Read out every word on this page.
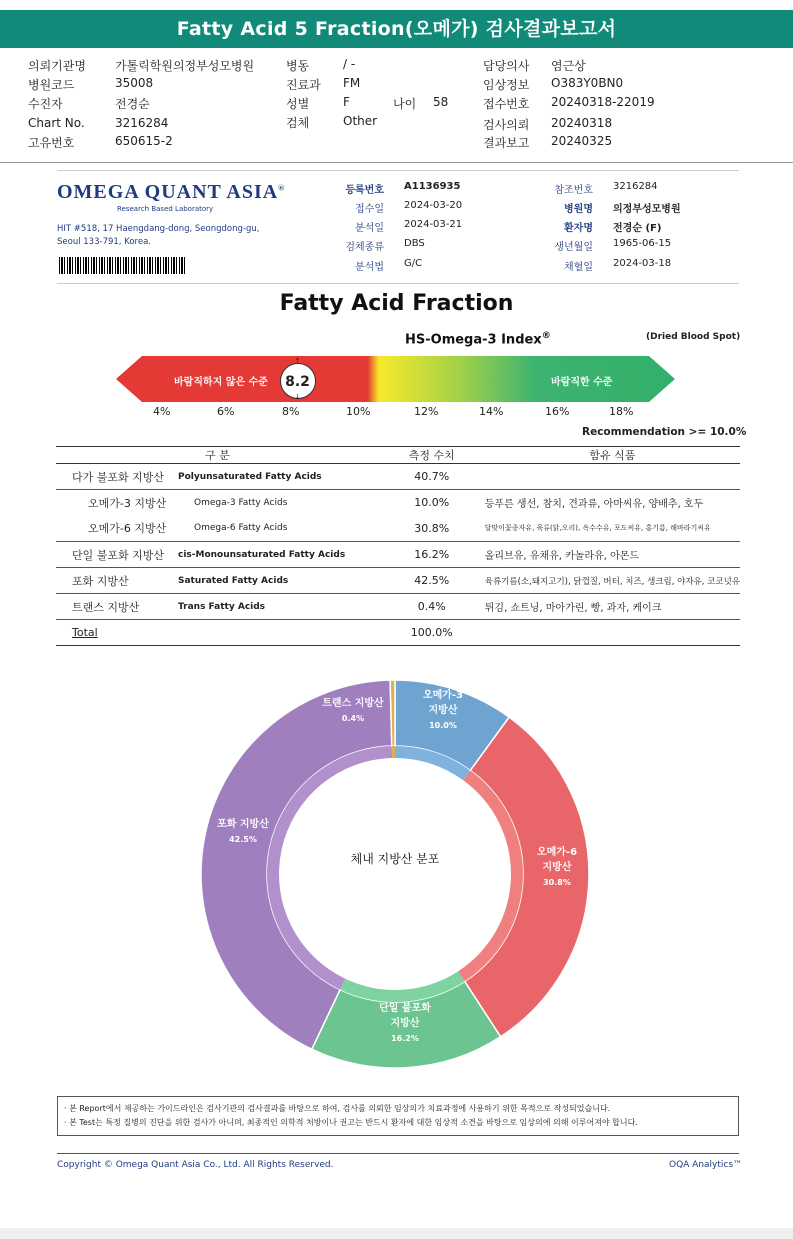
Fatty Acid 5 Fraction(오메가) 검사결과보고서
의뢰기관명 가톨릭학원의정부성모병원
병원코드	35008
수진자	전경순
Chart No.	3216284
고유번호	650615-2
병동	/ -
진료과 FM
성별	F
검체	Other
나이 58
담당의사 염근상
임상정보 O383Y0BN0
접수번호 20240318-22019
검사의뢰 20240318
결과보고 20240325
OMEGA QUANT ASIA®
Research Based Laboratory
HIT #518, 17 Haengdang-dong, Seongdong-gu,
Seoul 133-791, Korea.
등록번호 A1136935
접수일 2024-03-20
분석일 2024-03-21
검체종류 DBS
분석법 G/C
참조번호 3216284
병원명 의정부성모병원
환자명 전경순 (F)
생년월일 1965-06-15
채혈일 2024-03-18
Fatty Acid Fraction
HS-Omega-3 Index®	(Dried Blood Spot)
바람직하지 않은 수준	바람직한 수준
8.2
↑
↓
4%	6%	8%	10%	12%	14%	16%	18%
Recommendation >= 10.0%
구 분		측정 수치	함유 식품
다가 불포화 지방산	Polyunsaturated Fatty Acids	40.7%	
오메가-3 지방산	Omega-3 Fatty Acids	10.0%	등푸른 생선, 참치, 견과류, 아마씨유, 양배추, 호두
오메가-6 지방산	Omega-6 Fatty Acids	30.8%	달맞이꽃종자유, 육류(닭,오리), 옥수수유, 포도씨유, 홍기름, 해바라기씨유
단일 불포화 지방산	cis-Monounsaturated Fatty Acids	16.2%	올리브유, 유채유, 카놀라유, 아몬드
포화 지방산	Saturated Fatty Acids	42.5%	육류기름(소,돼지고기), 닭껍질, 버터, 치즈, 생크림, 야자유, 코코넛유
트랜스 지방산	Trans Fatty Acids	0.4%	튀김, 쇼트닝, 마아가린, 빵, 과자, 케이크
Total		100.0%	
오메가-3
지방산
10.0%
오메가-6
지방산
30.8%
단일 불포화
지방산
16.2%
포화 지방산
42.5%
트랜스 지방산
0.4%
체내 지방산 분포
· 본 Report에서 제공하는 가이드라인은 검사기관의 검사결과를 바탕으로 하여, 검사를 의뢰한 임상의가 치료과정에 사용하기 위한 목적으로 작성되었습니다.
· 본 Test는 특정 질병의 진단을 위한 검사가 아니며, 최종적인 의학적 처방이나 권고는 반드시 환자에 대한 임상적 소견을 바탕으로 임상의에 의해 이루어져야 합니다.
Copyright © Omega Quant Asia Co., Ltd. All Rights Reserved.	OQA Analytics™
